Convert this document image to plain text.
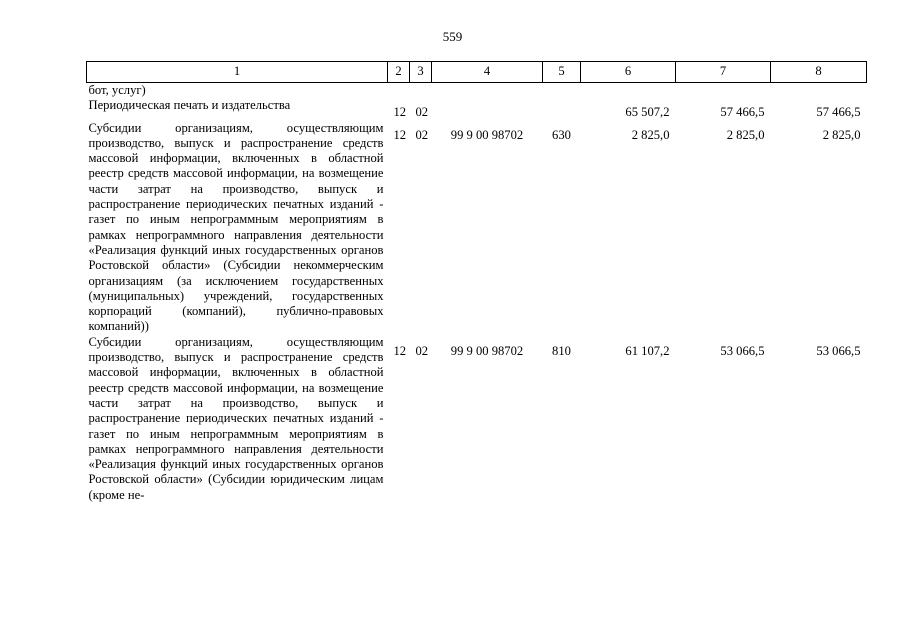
559
1	2	3	4	5	6	7	8
бот, услуг)							
Периодическая печать и издательства	12	02			65 507,2	57 466,5	57 466,5
Субсидии организациям, осуществляющим производство, выпуск и распространение средств массовой информации, включенных в областной реестр средств массовой информации, на возмещение части затрат на производство, выпуск и распространение периодических печатных изданий - газет по иным непрограммным мероприятиям в рамках непрограммного направления деятельности «Реализация функций иных государственных органов Ростовской области» (Субсидии некоммерческим организациям (за исключением государственных (муниципальных) учреждений, государственных корпораций (компаний), публично-правовых компаний))	12	02	99 9 00 98702	630	2 825,0	2 825,0	2 825,0
Субсидии организациям, осуществляющим производство, выпуск и распространение средств массовой информации, включенных в областной реестр средств массовой информации, на возмещение части затрат на производство, выпуск и распространение периодических печатных изданий - газет по иным непрограммным мероприятиям в рамках непрограммного направления деятельности «Реализация функций иных государственных органов Ростовской области» (Субсидии юридическим лицам (кроме не-	12	02	99 9 00 98702	810	61 107,2	53 066,5	53 066,5
